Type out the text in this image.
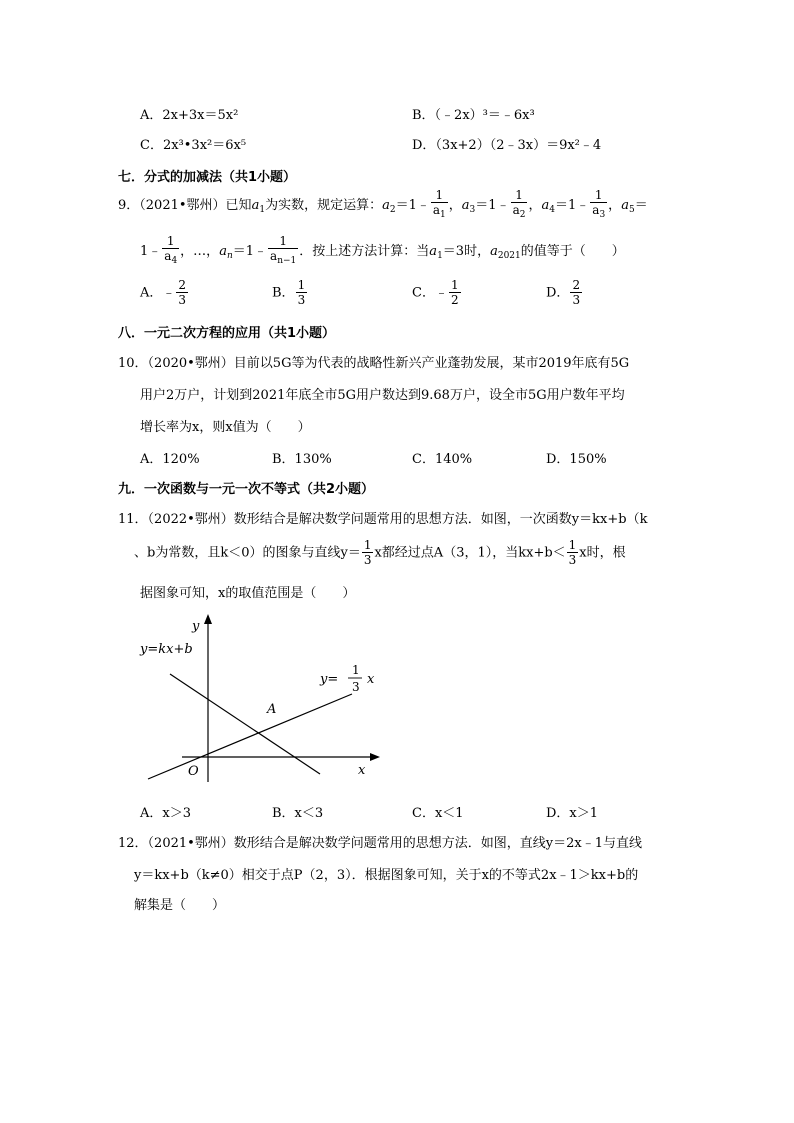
A．2x+3x＝5x²	B．（﹣2x）³＝﹣6x³
C．2x³•3x²＝6x⁵	D．（3x+2）（2﹣3x）＝9x²﹣4
七．分式的加减法（共1小题）
9．（2021•鄂州）已知$a_1$为实数，规定运算：$a_2=1﹣ \frac{1}{a_1}$ ，$a_3=1﹣ \frac{1}{a_2}$ ，$a_4=1﹣ \frac{1}{a_3}$ ，$a_5=$
1﹣ $\frac{1}{a_4}$ ，…，$a_n=1﹣ \frac{1}{a_{n-1}}$ ．按上述方法计算：当$a_1=3$时，$a_{2021}$的值等于（　　）
A．﹣ $\frac{2}{3}$	B． $\frac{1}{3}$	C．﹣ $\frac{1}{2}$	D． $\frac{2}{3}$
八．一元二次方程的应用（共1小题）
10．（2020•鄂州）目前以5G等为代表的战略性新兴产业蓬勃发展，某市2019年底有5G
用户2万户，计划到2021年底全市5G用户数达到9.68万户，设全市5G用户数年平均
增长率为x，则x值为（　　）
A．120%	B．130%	C．140%	D．150%
九．一次函数与一元一次不等式（共2小题）
11．（2022•鄂州）数形结合是解决数学问题常用的思想方法．如图，一次函数y＝kx+b（k
、b为常数，且k＜0）的图象与直线$y= \frac{1}{3}$ x都经过点A（3，1），当$kx+b< \frac{1}{3}$ x时，根
据图象可知，x的取值范围是（　　）
y
x
O
A
y=kx+b
y=
1
3 x
A．x＞3	B．x＜3	C．x＜1	D．x＞1
12．（2021•鄂州）数形结合是解决数学问题常用的思想方法．如图，直线y＝2x﹣1与直线
y＝kx+b（k≠0）相交于点P（2，3）．根据图象可知，关于x的不等式2x﹣1＞kx+b的
解集是（　　）
